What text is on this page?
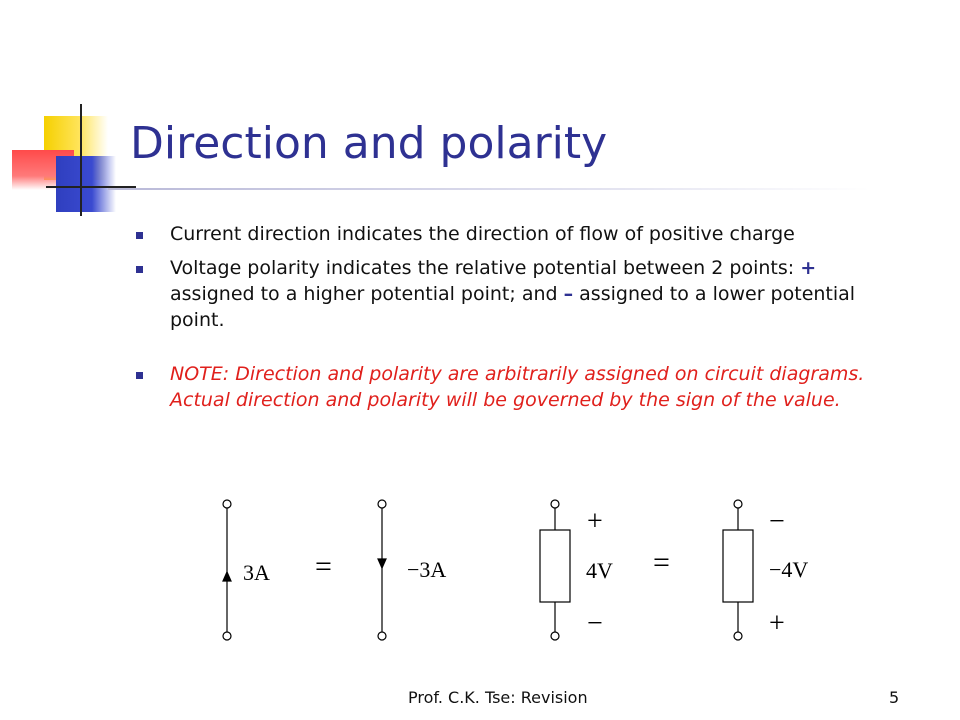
Direction and polarity
Current direction indicates the direction of flow of positive charge
Voltage polarity indicates the relative potential between 2 points: + assigned to a higher potential point; and – assigned to a lower potential point.
NOTE: Direction and polarity are arbitrarily assigned on circuit diagrams. Actual direction and polarity will be governed by the sign of the value.
3A =	−3A
+
4V
−
=
−
−4V
+
Prof. C.K. Tse: Revision	5
